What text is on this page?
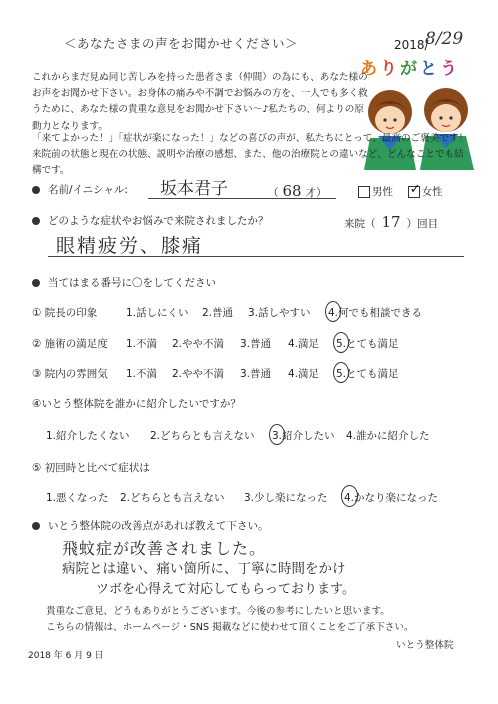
＜あなたさまの声をお聞かせください＞	2018/
8/29
ありがとう
これからまだ見ぬ同じ苦しみを持った患者さま（仲間）の為にも、あなた様のお声をお聞かせ下さい。お身体の痛みや不調でお悩みの方を、一人でも多く救うために、あなた様の貴重な意見をお聞かせ下さい～♪私たちの、何よりの原動力となります。
「来てよかった！」「症状が楽になった！」などの喜びの声が、私たちにとって、最高のご褒美です！来院前の状態と現在の状態、説明や治療の感想、また、他の治療院との違いなど、どんなことでも結構です。
名前/イニシャル: 坂本君子	（ 68 才）	男性 ✓ 女性
どのような症状やお悩みで来院されましたか？	来院（ 17 ）回目
眼精疲労、膝痛
当てはまる番号に〇をしてください
① 院長の印象	1.話しにくい 2.普通 3.話しやすい 4.何でも相談できる
② 施術の満足度 1.不満 2.やや不満 3.普通 4.満足 5.とても満足
③ 院内の雰囲気 1.不満 2.やや不満 3.普通 4.満足 5.とても満足
④いとう整体院を誰かに紹介したいですか？
1.紹介したくない 2.どちらとも言えない 3.紹介したい 4.誰かに紹介した
⑤ 初回時と比べて症状は
1.悪くなった 2.どちらとも言えない 3.少し楽になった 4.かなり楽になった
いとう整体院の改善点があれば教えて下さい。
飛蚊症が改善されました。
病院とは違い、痛い箇所に、丁寧に時間をかけ
ツボを心得えて対応してもらっております。
貴重なご意見、どうもありがとうございます。今後の参考にしたいと思います。
こちらの情報は、ホームページ・SNS 掲載などに使わせて頂くことをご了承下さい。
いとう整体院
2018 年 6 月 9 日
